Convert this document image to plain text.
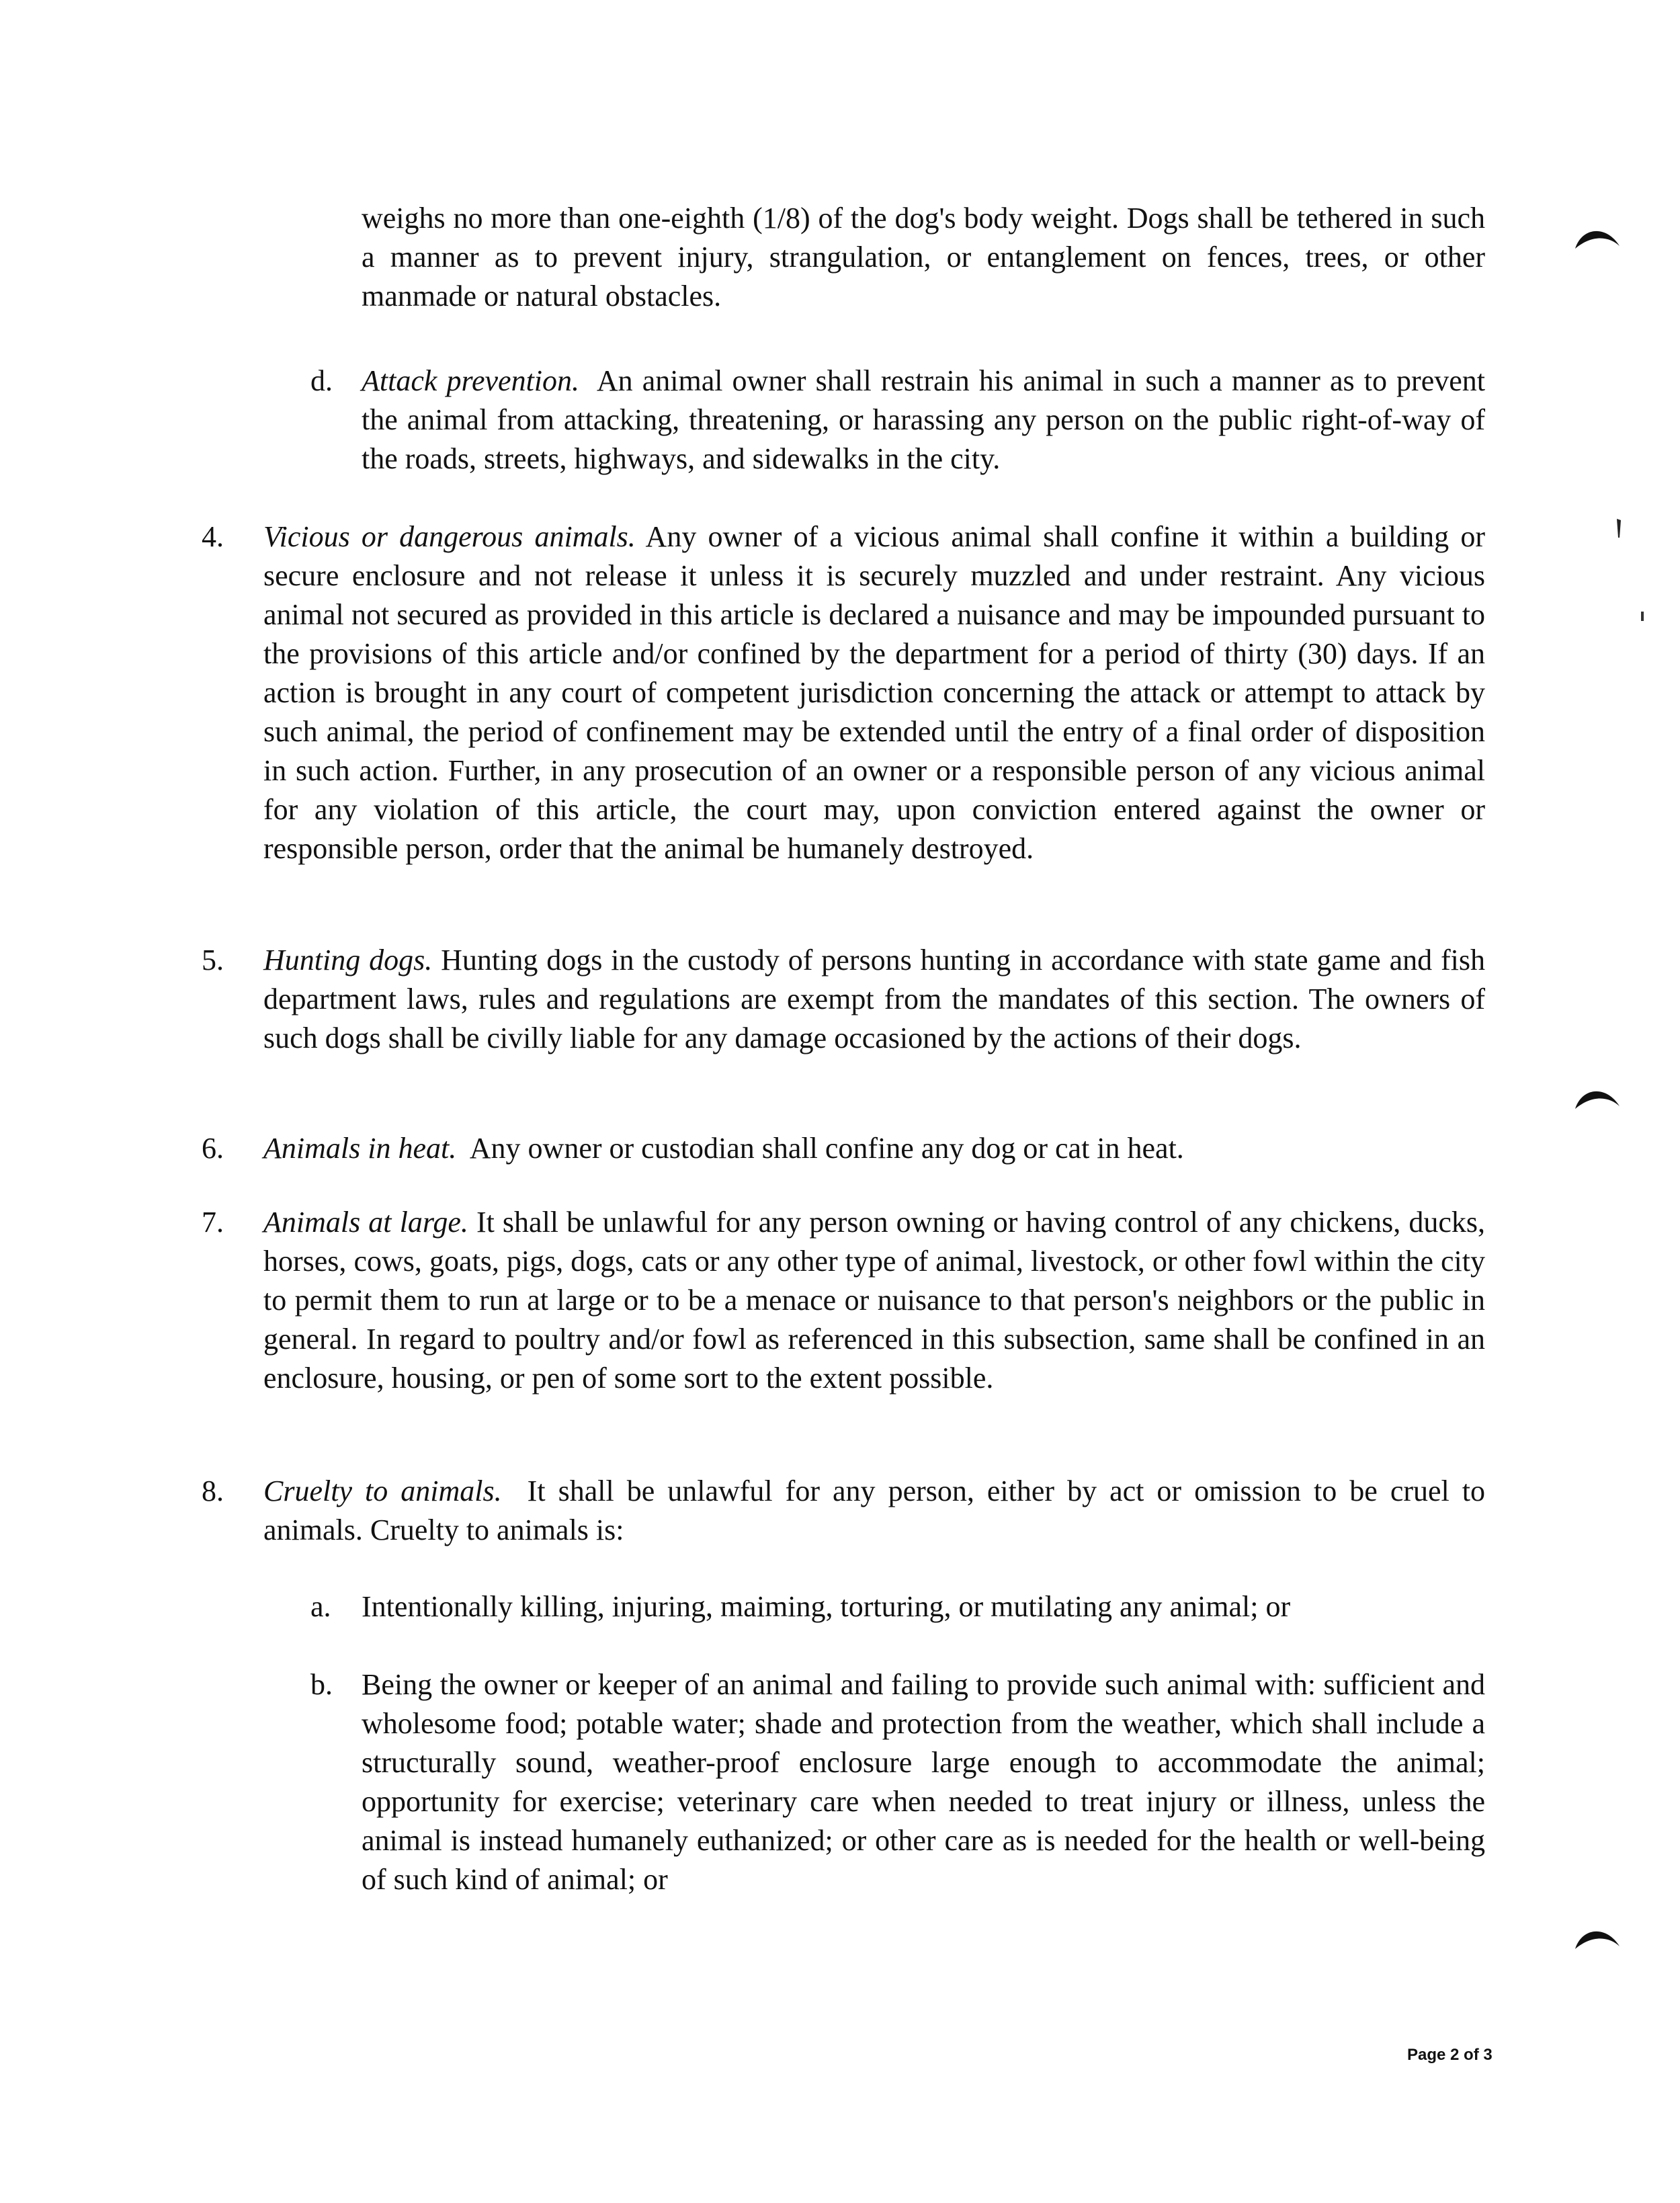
weighs no more than one-eighth (1/8) of the dog's body weight. Dogs shall be tethered in such a manner as to prevent injury, strangulation, or entanglement on fences, trees, or other manmade or natural obstacles.
d. Attack prevention. An animal owner shall restrain his animal in such a manner as to prevent the animal from attacking, threatening, or harassing any person on the public right-of-way of the roads, streets, highways, and sidewalks in the city.
4. Vicious or dangerous animals. Any owner of a vicious animal shall confine it within a building or secure enclosure and not release it unless it is securely muzzled and under restraint. Any vicious animal not secured as provided in this article is declared a nuisance and may be impounded pursuant to the provisions of this article and/or confined by the department for a period of thirty (30) days. If an action is brought in any court of competent jurisdiction concerning the attack or attempt to attack by such animal, the period of confinement may be extended until the entry of a final order of disposition in such action. Further, in any prosecution of an owner or a responsible person of any vicious animal for any violation of this article, the court may, upon conviction entered against the owner or responsible person, order that the animal be humanely destroyed.
5. Hunting dogs. Hunting dogs in the custody of persons hunting in accordance with state game and fish department laws, rules and regulations are exempt from the mandates of this section. The owners of such dogs shall be civilly liable for any damage occasioned by the actions of their dogs.
6. Animals in heat. Any owner or custodian shall confine any dog or cat in heat.
7. Animals at large. It shall be unlawful for any person owning or having control of any chickens, ducks, horses, cows, goats, pigs, dogs, cats or any other type of animal, livestock, or other fowl within the city to permit them to run at large or to be a menace or nuisance to that person's neighbors or the public in general. In regard to poultry and/or fowl as referenced in this subsection, same shall be confined in an enclosure, housing, or pen of some sort to the extent possible.
8. Cruelty to animals. It shall be unlawful for any person, either by act or omission to be cruel to animals. Cruelty to animals is:
a. Intentionally killing, injuring, maiming, torturing, or mutilating any animal; or
b. Being the owner or keeper of an animal and failing to provide such animal with: sufficient and wholesome food; potable water; shade and protection from the weather, which shall include a structurally sound, weather-proof enclosure large enough to accommodate the animal; opportunity for exercise; veterinary care when needed to treat injury or illness, unless the animal is instead humanely euthanized; or other care as is needed for the health or well-being of such kind of animal; or
Page 2 of 3
